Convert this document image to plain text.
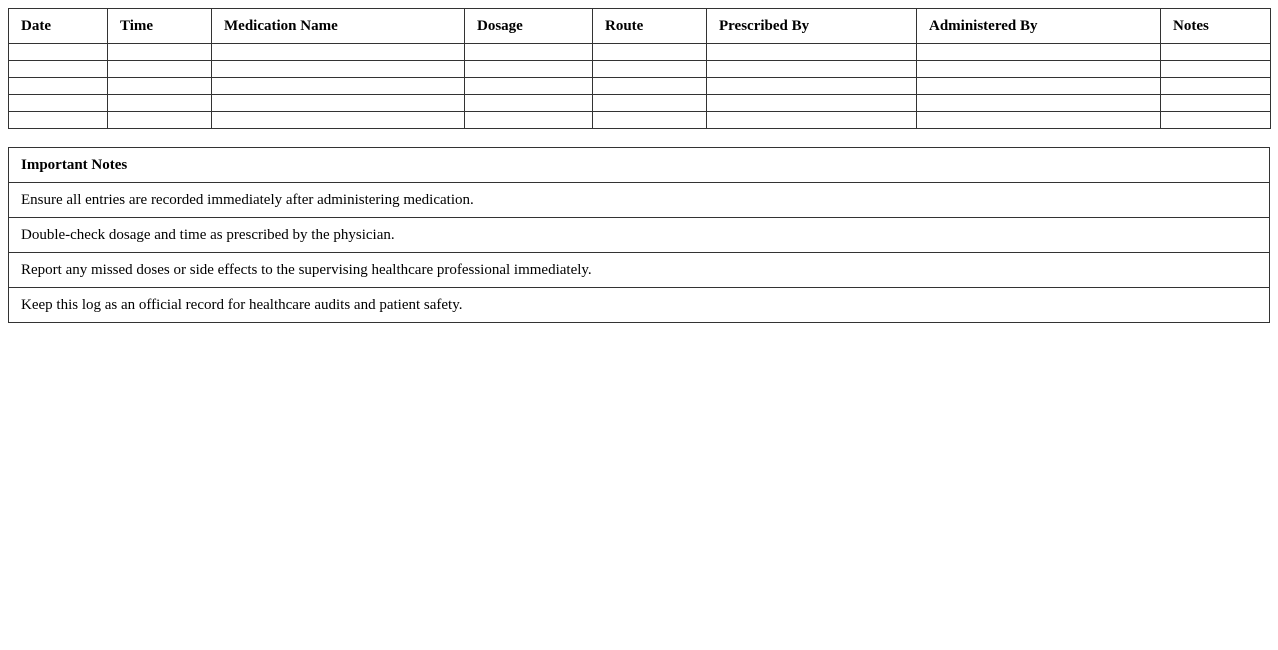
Date	Time	Medication Name	Dosage	Route	Prescribed By	Administered By	Notes

Important Notes
Ensure all entries are recorded immediately after administering medication.
Double-check dosage and time as prescribed by the physician.
Report any missed doses or side effects to the supervising healthcare professional immediately.
Keep this log as an official record for healthcare audits and patient safety.
